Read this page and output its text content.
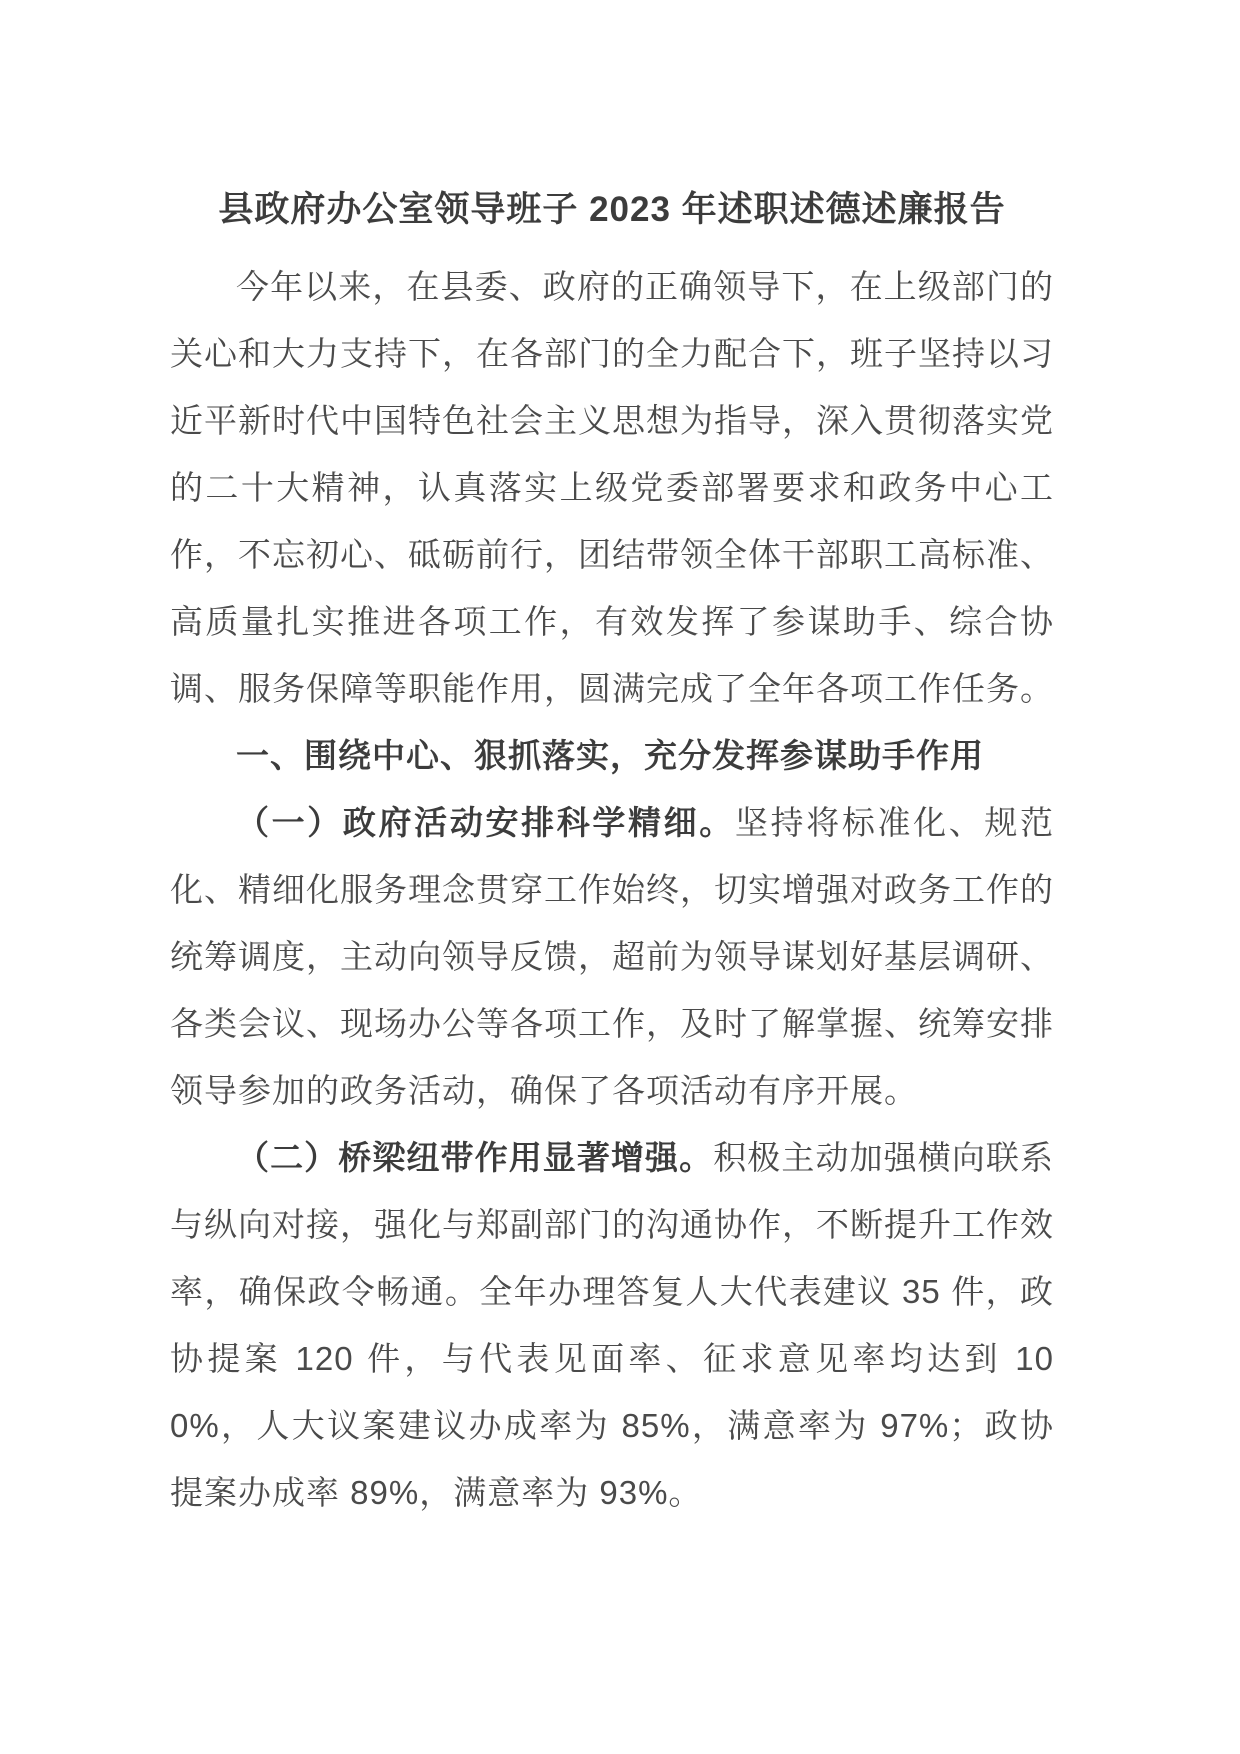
县政府办公室领导班子 2023 年述职述德述廉报告

今年以来，在县委、政府的正确领导下，在上级部门的关心和大力支持下，在各部门的全力配合下，班子坚持以习近平新时代中国特色社会主义思想为指导，深入贯彻落实党的二十大精神，认真落实上级党委部署要求和政务中心工作，不忘初心、砥砺前行，团结带领全体干部职工高标准、高质量扎实推进各项工作，有效发挥了参谋助手、综合协调、服务保障等职能作用，圆满完成了全年各项工作任务。

一、围绕中心、狠抓落实，充分发挥参谋助手作用

（一）政府活动安排科学精细。坚持将标准化、规范化、精细化服务理念贯穿工作始终，切实增强对政务工作的统筹调度，主动向领导反馈，超前为领导谋划好基层调研、各类会议、现场办公等各项工作，及时了解掌握、统筹安排领导参加的政务活动，确保了各项活动有序开展。

（二）桥梁纽带作用显著增强。积极主动加强横向联系与纵向对接，强化与郑副部门的沟通协作，不断提升工作效率，确保政令畅通。全年办理答复人大代表建议 35 件，政协提案 120 件，与代表见面率、征求意见率均达到 100%，人大议案建议办成率为 85%，满意率为 97%；政协提案办成率 89%，满意率为 93%。
